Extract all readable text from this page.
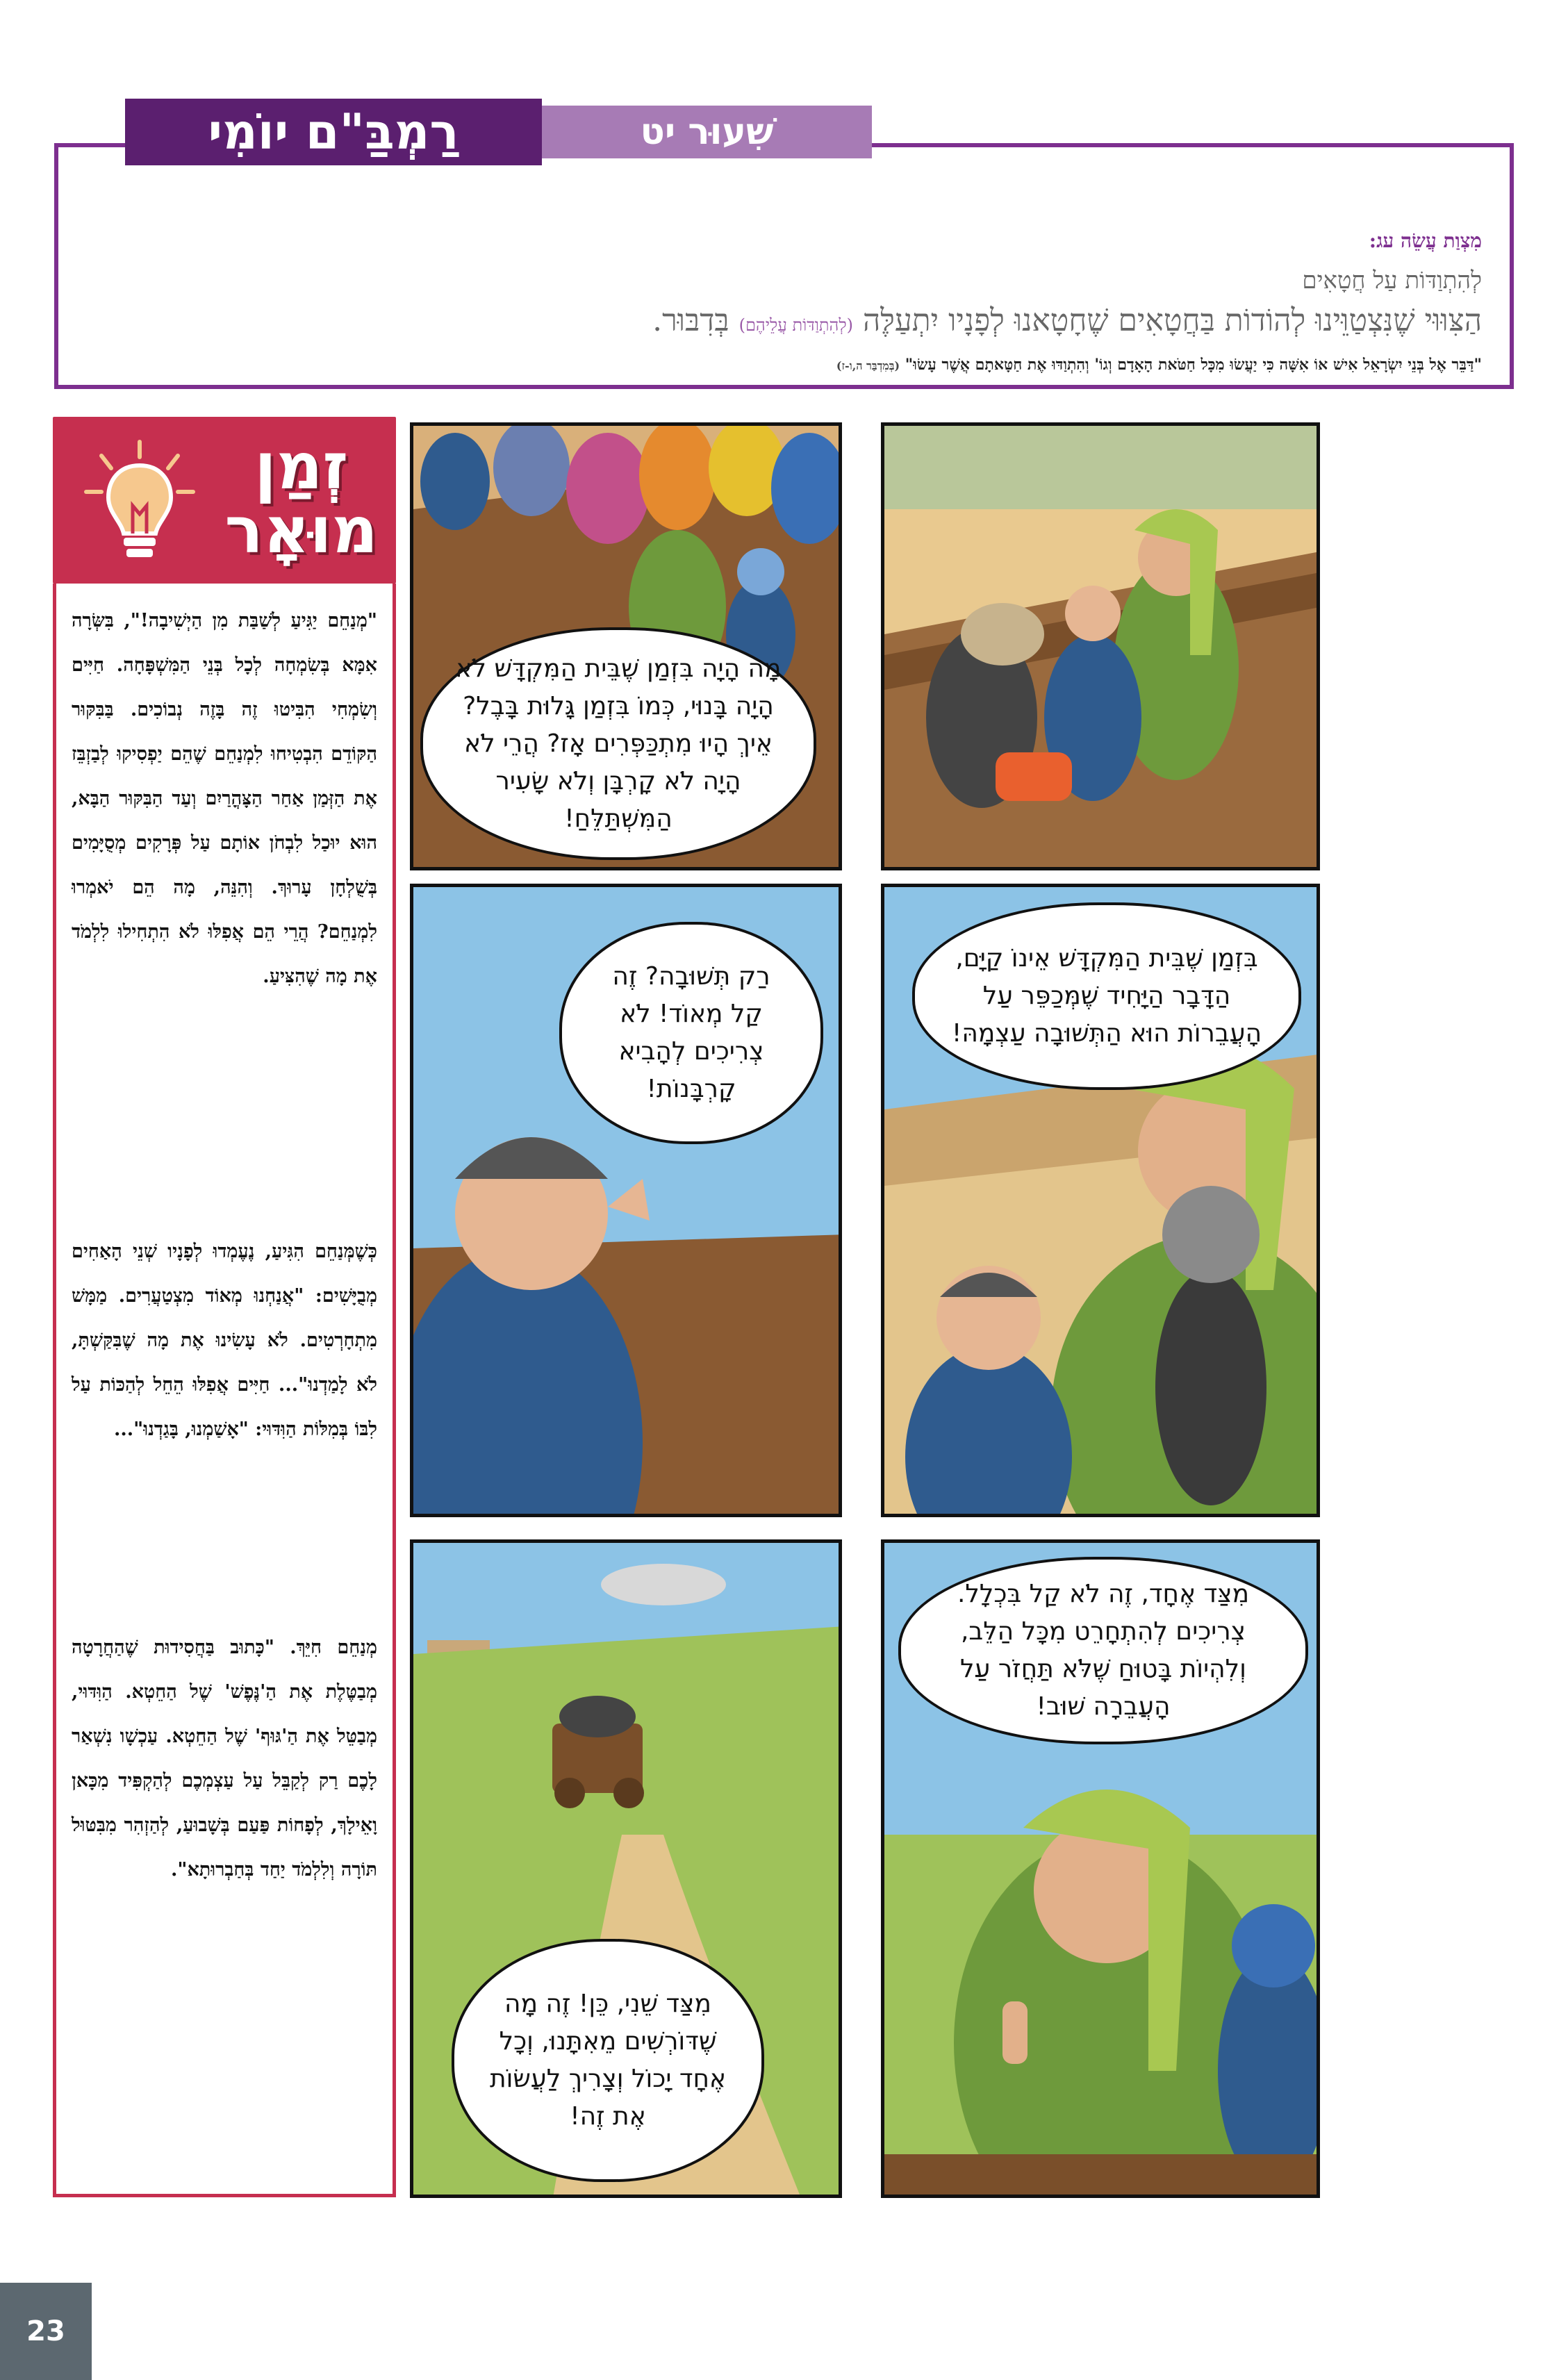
מִצְוַת עֲשֵׂה עג:
לְהִתְוַדּוֹת עַל חֲטָאִים
הַצִּוּוּי שֶׁנִּצְטַוֵּינוּ לְהוֹדוֹת בַּחֲטָאִים שֶׁחָטָאנוּ לְפָנָיו יִתְעַלֶּה (לְהִתְוַדּוֹת עֲלֵיהֶם) בְּדִבּוּר.
"דַּבֵּר אֶל בְּנֵי יִשְׂרָאֵל אִישׁ אוֹ אִשָּׁה כִּי יַעֲשׂוּ מִכָּל חַטֹּאת הָאָדָם וְגוֹ' וְהִתְוַדּוּ אֶת חַטָּאתָם אֲשֶׁר עָשׂוּ" (בְּמִדְבַּר ה,ו-ז)
רַמְבַּ"ם יוֹמִי	שִׁעוּר יט
זְמַן
מוּאָר
"מְנַחֵם יַגִּיעַ לְשַׁבַּת מִן הַיְשִׁיבָה!", בִּשְּׂרָה אִמָּא בְּשִׂמְחָה לְכָל בְּנֵי הַמִּשְׁפָּחָה. חַיִּים וְשִׂמְחִי הִבִּיטוּ זֶה בָּזֶה נְבוֹכִים. בַּבִּקּוּר הַקּוֹדֵם הִבְטִיחוּ לִמְנַחֵם שֶׁהֵם יַפְסִיקוּ לְבַזְבֵּז אֶת הַזְּמַן אַחַר הַצָּהֳרַיִם וְעַד הַבִּקּוּר הַבָּא, הוּא יוּכַל לִבְחֹן אוֹתָם עַל פְּרָקִים מְסֻיָּמִים בְּשֻׁלְחָן עָרוּךְ. וְהִנֵּה, מָה הֵם יֹאמְרוּ לִמְנַחֵם? הֲרֵי הֵם אֲפִלּוּ לֹא הִתְחִילוּ לִלְמֹד אֶת מָה שֶׁהִצִּיעַ.
כְּשֶׁמְּנַחֵם הִגִּיעַ, נֶעֶמְדוּ לְפָנָיו שְׁנֵי הָאַחִים מְבֻיָּשִׁים: "אֲנַחְנוּ מְאוֹד מִצְטַעֲרִים. מַמָּשׁ מִתְחָרְטִים. לֹא עָשִׂינוּ אֶת מָה שֶׁבִּקַּשְׁתָּ, לֹא לָמַדְנוּ"... חַיִּים אֲפִלּוּ הֵחֵל לְהַכּוֹת עַל לִבּוֹ בְּמִלּוֹת הַוִּדּוּי: "אָשַׁמְנוּ, בָּגַדְנוּ"...
מְנַחֵם חִיֵּךְ. "כָּתוּב בַּחֲסִידוּת שֶׁהַחֲרָטָה מְבַטֶּלֶת אֶת הַ'נֶּפֶשׁ' שֶׁל הַחֵטְא. הַוִּדּוּי, מְבַטֵּל אֶת הַ'גּוּף' שֶׁל הַחֵטְא. עַכְשָׁו נִשְׁאַר לָכֶם רַק לְקַבֵּל עַל עַצְמְכֶם לְהַקְפִּיד מִכָּאן וָאֵילָךְ, לְפָחוֹת פַּעַם בְּשָׁבוּעַ, לְהַזְהִר מִבִּטּוּל תּוֹרָה וְלִלְמֹד יַחַד בְּחַבְרוּתָא".
מָה הָיָה בִּזְמַן שֶׁבֵּית הַמִּקְדָּשׁ לֹא הָיָה בָּנוּי, כְּמוֹ בִּזְמַן גָּלוּת בָּבֶל? אֵיךְ הָיוּ מִתְכַּפְּרִים אָז? הֲרֵי לֹא הָיָה לֹא קָרְבָּן וְלֹא שָׂעִיר הַמִּשְׁתַּלֵּחַ!
בִּזְמַן שֶׁבֵּית הַמִּקְדָּשׁ אֵינוֹ קַיָּם, הַדָּבָר הַיָּחִיד שֶׁמְּכַפֵּר עַל הָעֲבֵרוֹת הוּא הַתְּשׁוּבָה עַצְמָהּ!
רַק תְּשׁוּבָה? זֶה קַל מְאוֹד! לֹא צְרִיכִים לְהָבִיא קָרְבָּנוֹת!
מִצַּד אֶחָד, זֶה לֹא קַל בִּכְלָל. צְרִיכִים לְהִתְחָרֵט מִכָּל הַלֵּב, וְלִהְיוֹת בָּטוּחַ שֶׁלֹּא תַּחֲזֹר עַל הָעֲבֵרָה שׁוּב!
מִצַּד שֵׁנִי, כֵּן! זֶה מָה שֶׁדּוֹרְשִׁים מֵאִתָּנוּ, וְכָל אֶחָד יָכוֹל וְצָרִיךְ לַעֲשׂוֹת אֶת זֶה!
23
